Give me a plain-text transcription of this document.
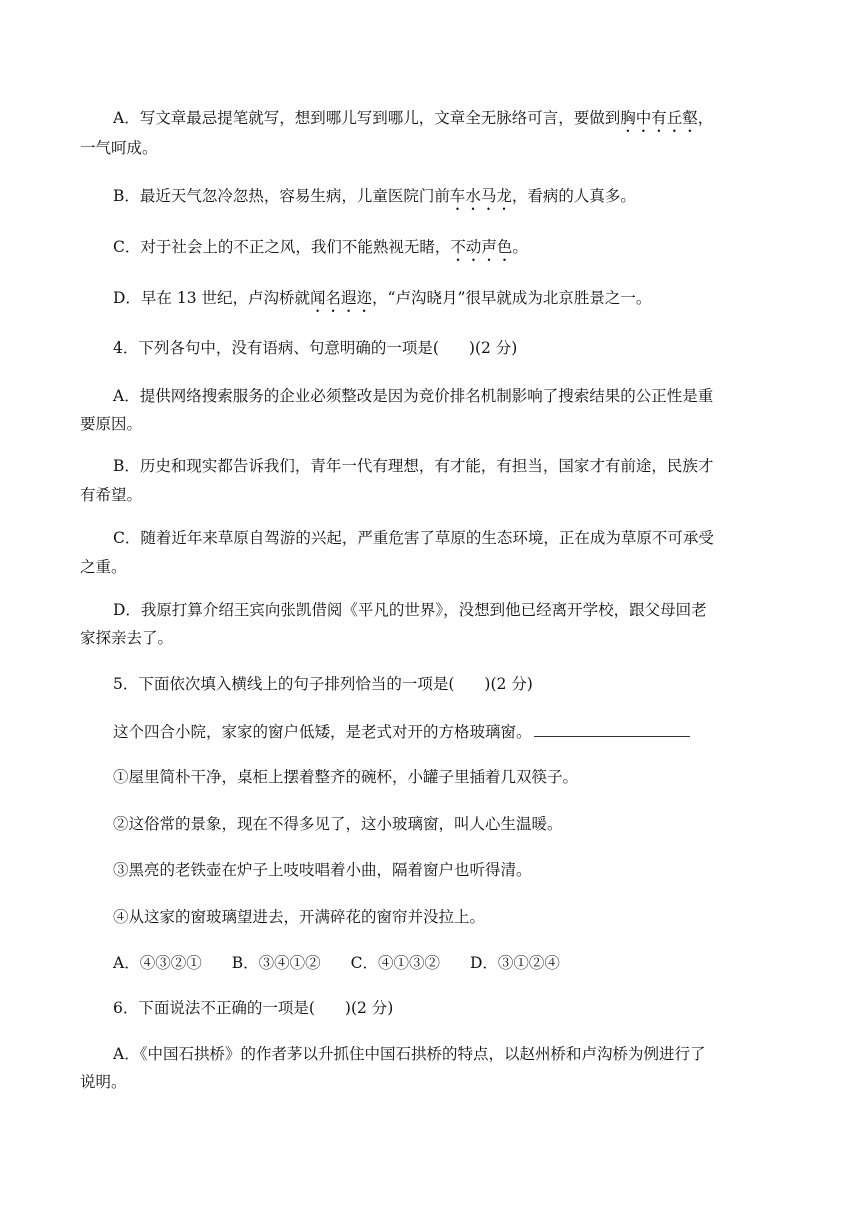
A．写文章最忌提笔就写，想到哪儿写到哪儿，文章全无脉络可言，要做到胸中有丘壑，
一气呵成。
B．最近天气忽冷忽热，容易生病，儿童医院门前车水马龙，看病的人真多。
C．对于社会上的不正之风，我们不能熟视无睹，不动声色。
D．早在 13 世纪，卢沟桥就闻名遐迩，“卢沟晓月”很早就成为北京胜景之一。
4．下列各句中，没有语病、句意明确的一项是( )(2 分)
A．提供网络搜索服务的企业必须整改是因为竞价排名机制影响了搜索结果的公正性是重
要原因。
B．历史和现实都告诉我们，青年一代有理想，有才能，有担当，国家才有前途，民族才
有希望。
C．随着近年来草原自驾游的兴起，严重危害了草原的生态环境，正在成为草原不可承受
之重。
D．我原打算介绍王宾向张凯借阅《平凡的世界》，没想到他已经离开学校，跟父母回老
家探亲去了。
5．下面依次填入横线上的句子排列恰当的一项是( )(2 分)
这个四合小院，家家的窗户低矮，是老式对开的方格玻璃窗。
①屋里简朴干净，桌柜上摆着整齐的碗杯，小罐子里插着几双筷子。
②这俗常的景象，现在不得多见了，这小玻璃窗，叫人心生温暖。
③黑亮的老铁壶在炉子上吱吱唱着小曲，隔着窗户也听得清。
④从这家的窗玻璃望进去，开满碎花的窗帘并没拉上。
A．④③②① B．③④①② C．④①③② D．③①②④
6．下面说法不正确的一项是( )(2 分)
A．《中国石拱桥》的作者茅以升抓住中国石拱桥的特点，以赵州桥和卢沟桥为例进行了
说明。
